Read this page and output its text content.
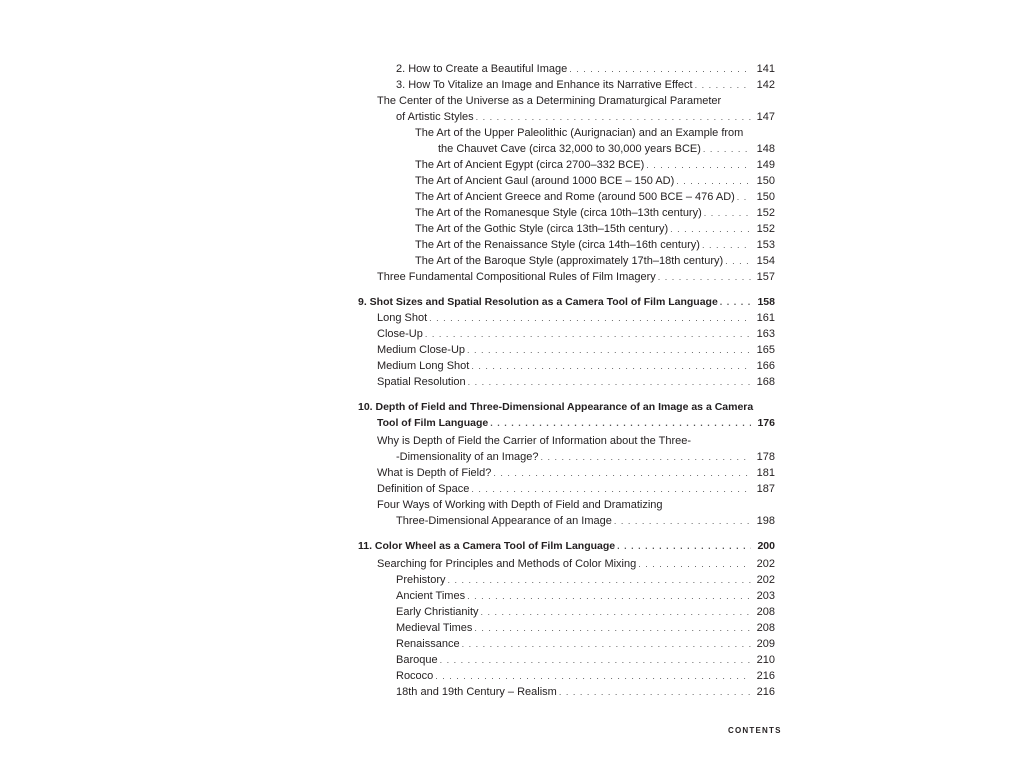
2. How to Create a Beautiful Image . . .	141
3. How To Vitalize an Image and Enhance its Narrative Effect . . .	142
The Center of the Universe as a Determining Dramaturgical Parameter
of Artistic Styles . . .	147
The Art of the Upper Paleolithic (Aurignacian) and an Example from
the Chauvet Cave (circa 32,000 to 30,000 years BCE) . . .	148
The Art of Ancient Egypt (circa 2700–332 BCE) . . .	149
The Art of Ancient Gaul (around 1000 BCE – 150 AD) . . .	150
The Art of Ancient Greece and Rome (around 500 BCE – 476 AD) . . . 150
The Art of the Romanesque Style (circa 10th–13th century) . . .	152
The Art of the Gothic Style (circa 13th–15th century) . . .	152
The Art of the Renaissance Style (circa 14th–16th century) . . .	153
The Art of the Baroque Style (approximately 17th–18th century) . . .	154
Three Fundamental Compositional Rules of Film Imagery . . .	157
9. Shot Sizes and Spatial Resolution as a Camera Tool of Film Language . . .	158
Long Shot . . .	161
Close-Up . . .	163
Medium Close-Up . . .	165
Medium Long Shot . . .	166
Spatial Resolution . . .	168
10. Depth of Field and Three-Dimensional Appearance of an Image as a Camera
Tool of Film Language . . .	176
Why is Depth of Field the Carrier of Information about the Three-
-Dimensionality of an Image? . . .	178
What is Depth of Field? . . .	181
Definition of Space . . .	187
Four Ways of Working with Depth of Field and Dramatizing
Three-Dimensional Appearance of an Image . . .	198
11. Color Wheel as a Camera Tool of Film Language . . .	200
Searching for Principles and Methods of Color Mixing . . .	202
Prehistory . . .	202
Ancient Times . . .	203
Early Christianity . . .	208
Medieval Times . . .	208
Renaissance . . .	209
Baroque . . .	210
Rococo . . .	216
18th and 19th Century – Realism . . .	216
CONTENTS
